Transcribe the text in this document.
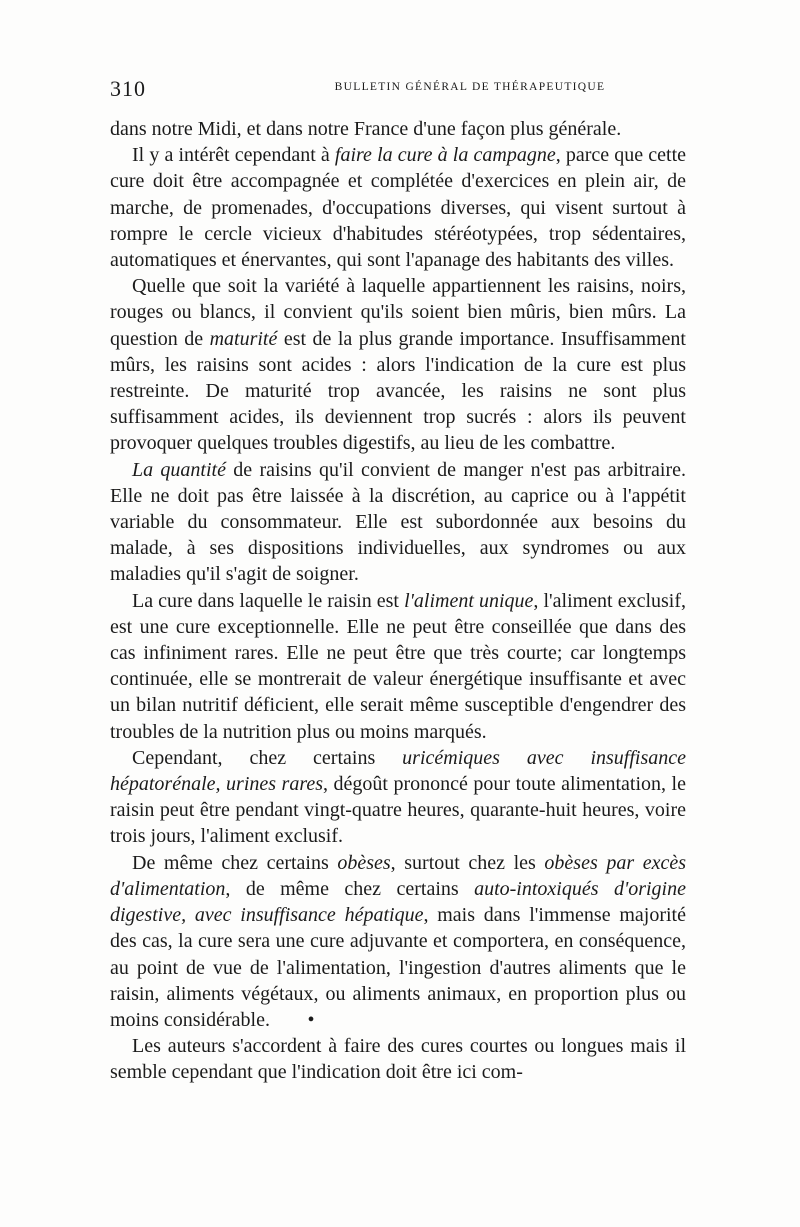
310	BULLETIN GÉNÉRAL DE THÉRAPEUTIQUE

dans notre Midi, et dans notre France d'une façon plus générale.

Il y a intérêt cependant à faire la cure à la campagne, parce que cette cure doit être accompagnée et complétée d'exercices en plein air, de marche, de promenades, d'occupations diverses, qui visent surtout à rompre le cercle vicieux d'habitudes stéréotypées, trop sédentaires, automatiques et énervantes, qui sont l'apanage des habitants des villes.

Quelle que soit la variété à laquelle appartiennent les raisins, noirs, rouges ou blancs, il convient qu'ils soient bien mûris, bien mûrs. La question de maturité est de la plus grande importance. Insuffisamment mûrs, les raisins sont acides : alors l'indication de la cure est plus restreinte. De maturité trop avancée, les raisins ne sont plus suffisamment acides, ils deviennent trop sucrés : alors ils peuvent provoquer quelques troubles digestifs, au lieu de les combattre.

La quantité de raisins qu'il convient de manger n'est pas arbitraire. Elle ne doit pas être laissée à la discrétion, au caprice ou à l'appétit variable du consommateur. Elle est subordonnée aux besoins du malade, à ses dispositions individuelles, aux syndromes ou aux maladies qu'il s'agit de soigner.

La cure dans laquelle le raisin est l'aliment unique, l'aliment exclusif, est une cure exceptionnelle. Elle ne peut être conseillée que dans des cas infiniment rares. Elle ne peut être que très courte; car longtemps continuée, elle se montrerait de valeur énergétique insuffisante et avec un bilan nutritif déficient, elle serait même susceptible d'engendrer des troubles de la nutrition plus ou moins marqués.

Cependant, chez certains uricémiques avec insuffisance hépatorénale, urines rares, dégoût prononcé pour toute alimentation, le raisin peut être pendant vingt-quatre heures, quarante-huit heures, voire trois jours, l'aliment exclusif.

De même chez certains obèses, surtout chez les obèses par excès d'alimentation, de même chez certains auto-intoxiqués d'origine digestive, avec insuffisance hépatique, mais dans l'immense majorité des cas, la cure sera une cure adjuvante et comportera, en conséquence, au point de vue de l'alimentation, l'ingestion d'autres aliments que le raisin, aliments végétaux, ou aliments animaux, en proportion plus ou moins considérable. •

Les auteurs s'accordent à faire des cures courtes ou longues mais il semble cependant que l'indication doit être ici com-
